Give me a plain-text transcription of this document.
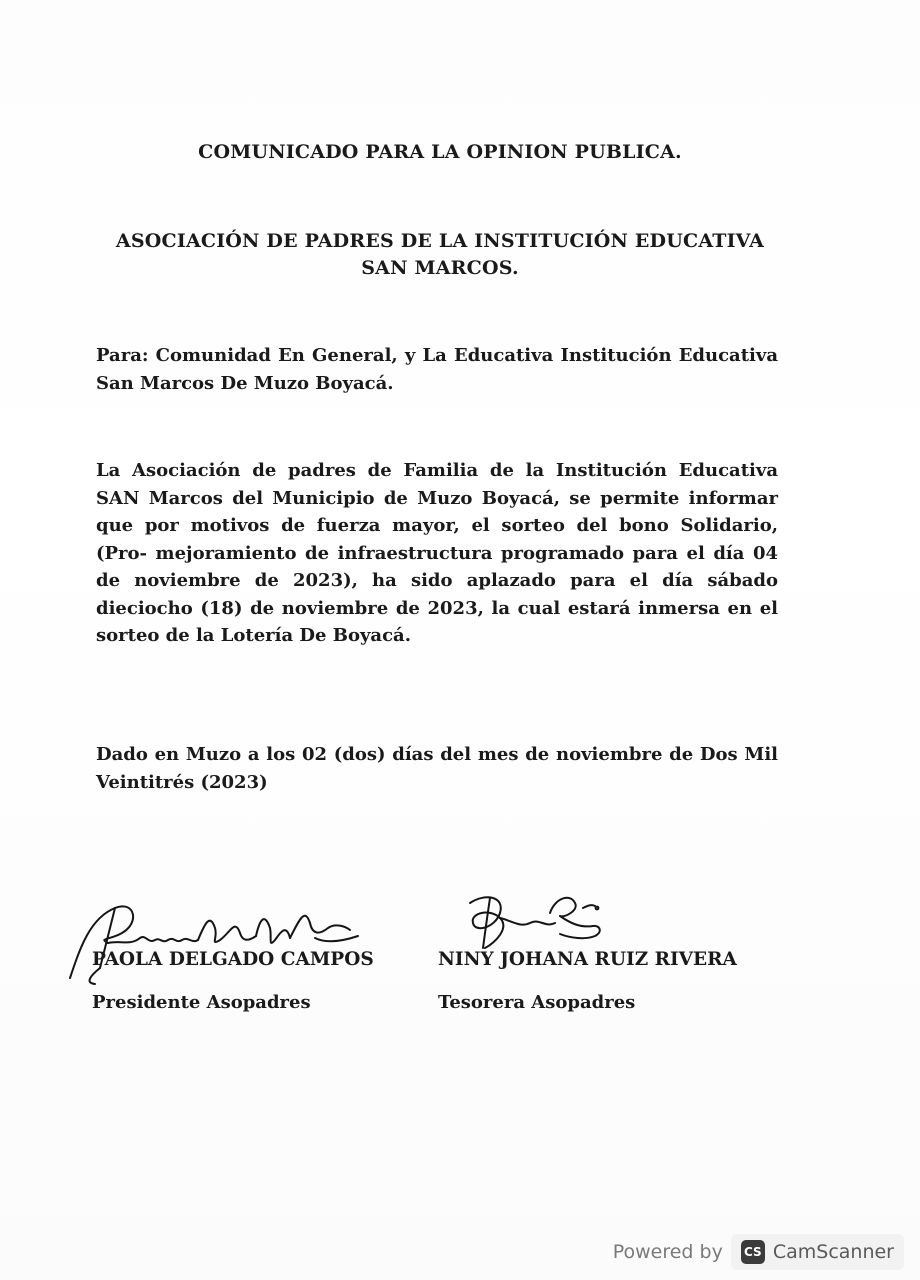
COMUNICADO PARA LA OPINION PUBLICA.
ASOCIACIÓN DE PADRES DE LA INSTITUCIÓN EDUCATIVA
SAN MARCOS.

Para: Comunidad En General, y La Educativa Institución Educativa San Marcos De Muzo Boyacá.

La Asociación de padres de Familia de la Institución Educativa SAN Marcos del Municipio de Muzo Boyacá, se permite informar que por motivos de fuerza mayor, el sorteo del bono Solidario, (Pro- mejoramiento de infraestructura programado para el día 04 de noviembre de 2023), ha sido aplazado para el día sábado dieciocho (18) de noviembre de 2023, la cual estará inmersa en el sorteo de la Lotería De Boyacá.

Dado en Muzo a los 02 (dos) días del mes de noviembre de Dos Mil Veintitrés (2023)

PAOLA DELGADO CAMPOS
Presidente Asopadres
NINY JOHANA RUIZ RIVERA
Tesorera Asopadres
Powered by CS CamScanner
